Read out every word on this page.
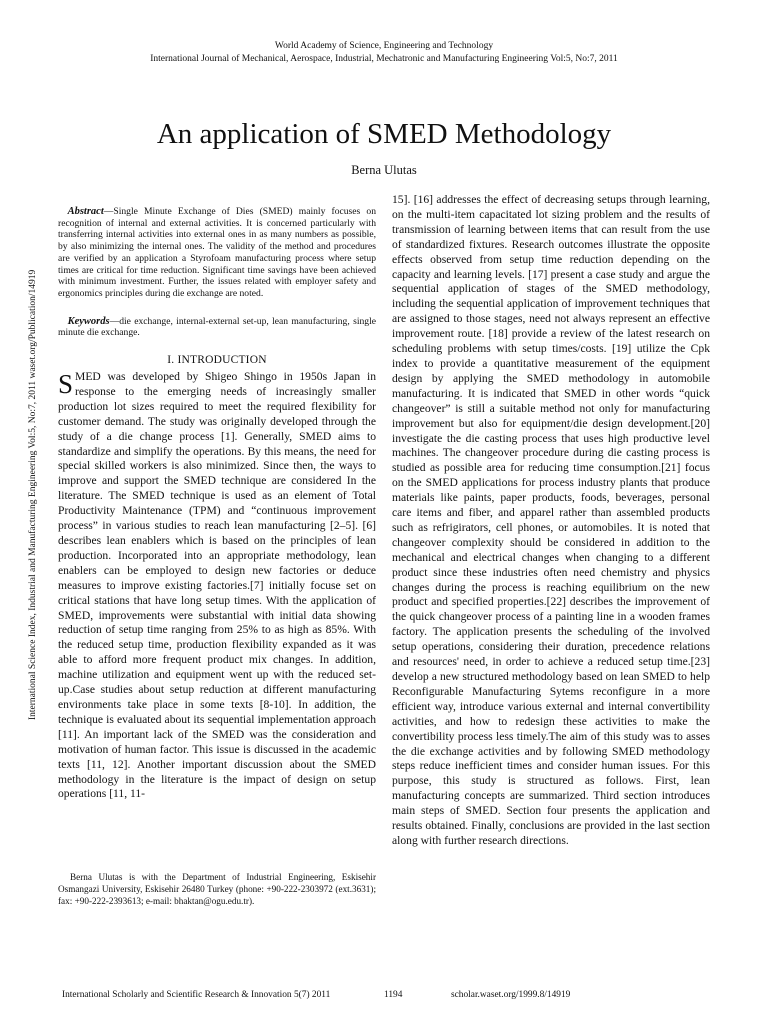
World Academy of Science, Engineering and Technology
International Journal of Mechanical, Aerospace, Industrial, Mechatronic and Manufacturing Engineering Vol:5, No:7, 2011
An application of SMED Methodology
Berna Ulutas
International Science Index, Industrial and Manufacturing Engineering Vol:5, No:7, 2011 waset.org/Publication/14919

 Abstract—Single Minute Exchange of Dies (SMED) mainly focuses on recognition of internal and external activities. It is concerned particularly with transferring internal activities into external ones in as many numbers as possible, by also minimizing the internal ones. The validity of the method and procedures are verified by an application a Styrofoam manufacturing process where setup times are critical for time reduction. Significant time savings have been achieved with minimum investment. Further, the issues related with employer safety and ergonomics principles during die exchange are noted.

 Keywords—die exchange, internal-external set-up, lean manufacturing, single minute die exchange.

I. INTRODUCTION

SMED was developed by Shigeo Shingo in 1950s Japan in response to the emerging needs of increasingly smaller production lot sizes required to meet the required flexibility for customer demand. The study was originally developed through the study of a die change process [1]. Generally, SMED aims to standardize and simplify the operations. By this means, the need for special skilled workers is also minimized. Since then, the ways to improve and support the SMED technique are considered In the literature. The SMED technique is used as an element of Total Productivity Maintenance (TPM) and “continuous improvement process” in various studies to reach lean manufacturing [2–5]. [6] describes lean enablers which is based on the principles of lean production. Incorporated into an appropriate methodology, lean enablers can be employed to design new factories or deduce measures to improve existing factories.[7] initially focuse set on critical stations that have long setup times. With the application of SMED, improvements were substantial with initial data showing reduction of setup time ranging from 25% to as high as 85%. With the reduced setup time, production flexibility expanded as it was able to afford more frequent product mix changes. In addition, machine utilization and equipment went up with the reduced set-up.Case studies about setup reduction at different manufacturing environments take place in some texts [8-10]. In addition, the technique is evaluated about its sequential implementation approach [11]. An important lack of the SMED was the consideration and motivation of human factor. This issue is discussed in the academic texts [11, 12]. Another important discussion about the SMED methodology in the literature is the impact of design on setup operations [11, 11-

Berna Ulutas is with the Department of Industrial Engineering, Eskisehir Osmangazi University, Eskisehir 26480 Turkey (phone: +90-222-2303972 (ext.3631); fax: +90-222-2393613; e-mail: bhaktan@ogu.edu.tr).
15]. [16] addresses the effect of decreasing setups through learning, on the multi-item capacitated lot sizing problem and the results of transmission of learning between items that can result from the use of standardized fixtures. Research outcomes illustrate the opposite effects observed from setup time reduction depending on the capacity and learning levels. [17] present a case study and argue the sequential application of stages of the SMED methodology, including the sequential application of improvement techniques that are assigned to those stages, need not always represent an effective improvement route. [18] provide a review of the latest research on scheduling problems with setup times/costs. [19] utilize the Cpk index to provide a quantitative measurement of the equipment design by applying the SMED methodology in automobile manufacturing. It is indicated that SMED in other words “quick changeover” is still a suitable method not only for manufacturing improvement but also for equipment/die design development.[20] investigate the die casting process that uses high productive level machines. The changeover procedure during die casting process is studied as possible area for reducing time consumption.[21] focus on the SMED applications for process industry plants that produce materials like paints, paper products, foods, beverages, personal care items and fiber, and apparel rather than assembled products such as refrigirators, cell phones, or automobiles. It is noted that changeover complexity should be considered in addition to the mechanical and electrical changes when changing to a different product since these industries often need chemistry and physics changes during the process is reaching equilibrium on the new product and specified properties.[22] describes the improvement of the quick changeover process of a painting line in a wooden frames factory. The application presents the scheduling of the involved setup operations, considering their duration, precedence relations and resources' need, in order to achieve a reduced setup time.[23] develop a new structured methodology based on lean SMED to help Reconfigurable Manufacturing Sytems reconfigure in a more efficient way, introduce various external and internal convertibility activities, and how to redesign these activities to make the convertibility process less timely.The aim of this study was to asses the die exchange activities and by following SMED methodology steps reduce inefficient times and consider human issues. For this purpose, this study is structured as follows. First, lean manufacturing concepts are summarized. Third section introduces main steps of SMED. Section four presents the application and results obtained. Finally, conclusions are provided in the last section along with further research directions.
International Scholarly and Scientific Research & Innovation 5(7) 2011	1194	scholar.waset.org/1999.8/14919
